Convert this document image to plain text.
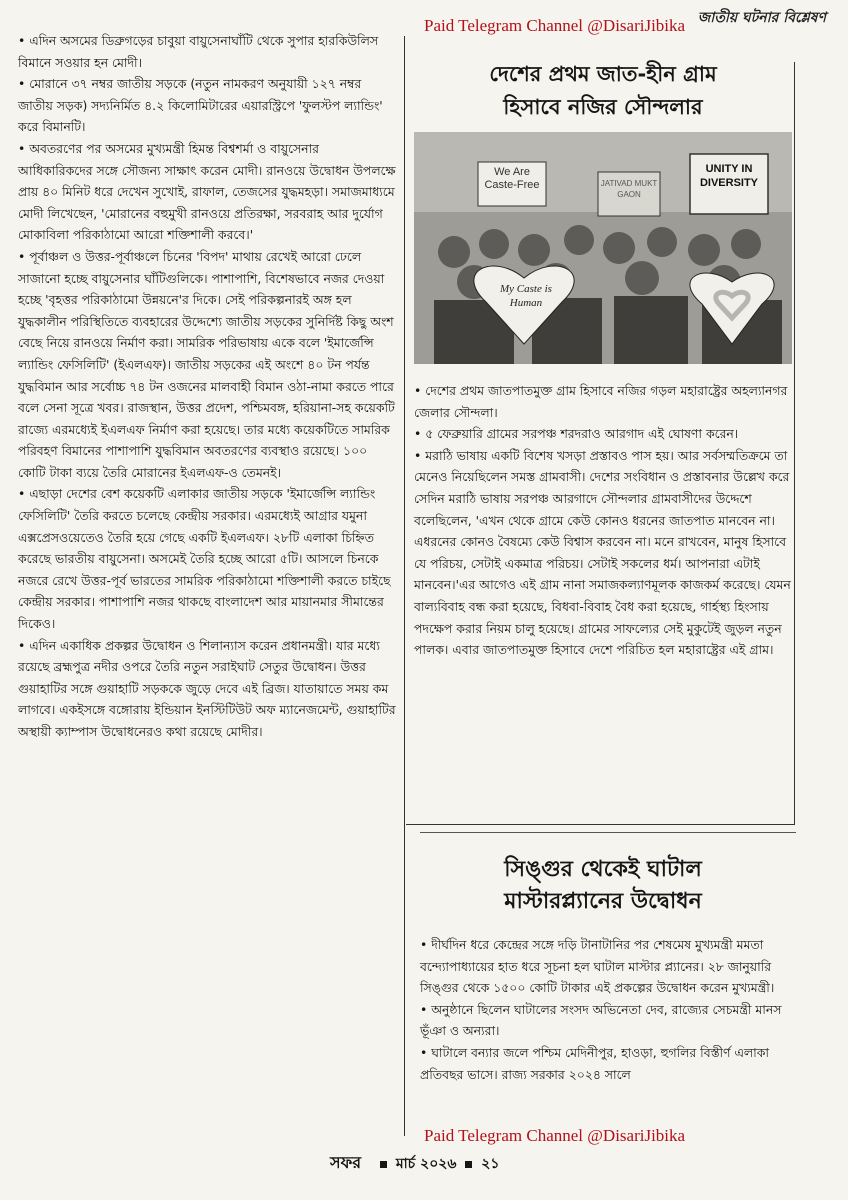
জাতীয় ঘটনার বিশ্লেষণ
Paid Telegram Channel @DisariJibika

• এদিন অসমের ডিব্রুগড়ের চাবুয়া বায়ুসেনাঘাঁটি থেকে সুপার হারকিউলিস বিমানে সওয়ার হন মোদী।

• মোরানে ৩৭ নম্বর জাতীয় সড়কে (নতুন নামকরণ অনুযায়ী ১২৭ নম্বর জাতীয় সড়ক) সদ্যনির্মিত ৪.২ কিলোমিটারের এয়ারস্ট্রিপে 'ফুলস্টপ ল্যান্ডিং' করে বিমানটি।

• অবতরণের পর অসমের মুখ্যমন্ত্রী হিমন্ত বিশ্বশর্মা ও বায়ুসেনার আধিকারিকদের সঙ্গে সৌজন্য সাক্ষাৎ করেন মোদী। রানওয়ে উদ্বোধন উপলক্ষে প্রায় ৪০ মিনিট ধরে দেখেন সুখোই, রাফাল, তেজসের যুদ্ধমহড়া। সমাজমাধ্যমে মোদী লিখেছেন, 'মোরানের বহুমুখী রানওয়ে প্রতিরক্ষা, সরবরাহ আর দুর্যোগ মোকাবিলা পরিকাঠামো আরো শক্তিশালী করবে।'

• পূর্বাঞ্চল ও উত্তর-পূর্বাঞ্চলে চিনের 'বিপদ' মাথায় রেখেই আরো ঢেলে সাজানো হচ্ছে বায়ুসেনার ঘাঁটিগুলিকে। পাশাপাশি, বিশেষভাবে নজর দেওয়া হচ্ছে 'বৃহত্তর পরিকাঠামো উন্নয়নে'র দিকে। সেই পরিকল্পনারই অঙ্গ হল যুদ্ধকালীন পরিস্থিতিতে ব্যবহারের উদ্দেশ্যে জাতীয় সড়কের সুনির্দিষ্ট কিছু অংশ বেছে নিয়ে রানওয়ে নির্মাণ করা। সামরিক পরিভাষায় একে বলে 'ইমার্জেন্সি ল্যান্ডিং ফেসিলিটি' (ইএলএফ)। জাতীয় সড়কের এই অংশে ৪০ টন পর্যন্ত যুদ্ধবিমান আর সর্বোচ্চ ৭৪ টন ওজনের মালবাহী বিমান ওঠা-নামা করতে পারে বলে সেনা সূত্রে খবর। রাজস্থান, উত্তর প্রদেশ, পশ্চিমবঙ্গ, হরিয়ানা-সহ কয়েকটি রাজ্যে এরমধ্যেই ইএলএফ নির্মাণ করা হয়েছে। তার মধ্যে কয়েকটিতে সামরিক পরিবহণ বিমানের পাশাপাশি যুদ্ধবিমান অবতরণের ব্যবস্থাও রয়েছে। ১০০ কোটি টাকা ব্যয়ে তৈরি মোরানের ইএলএফ-ও তেমনই।

• এছাড়া দেশের বেশ কয়েকটি এলাকার জাতীয় সড়কে 'ইমার্জেন্সি ল্যান্ডিং ফেসিলিটি' তৈরি করতে চলেছে কেন্দ্রীয় সরকার। এরমধ্যেই আগ্রার যমুনা এক্সপ্রেসওয়েতেও তৈরি হয়ে গেছে একটি ইএলএফ। ২৮টি এলাকা চিহ্নিত করেছে ভারতীয় বায়ুসেনা। অসমেই তৈরি হচ্ছে আরো ৫টি। আসলে চিনকে নজরে রেখে উত্তর-পূর্ব ভারতের সামরিক পরিকাঠামো শক্তিশালী করতে চাইছে কেন্দ্রীয় সরকার। পাশাপাশি নজর থাকছে বাংলাদেশ আর মায়ানমার সীমান্তের দিকেও।

• এদিন একাধিক প্রকল্পর উদ্বোধন ও শিলান্যাস করেন প্রধানমন্ত্রী। যার মধ্যে রয়েছে ব্রহ্মপুত্র নদীর ওপরে তৈরি নতুন সরাইঘাট সেতুর উদ্বোধন। উত্তর গুয়াহাটির সঙ্গে গুয়াহাটি সড়ককে জুড়ে দেবে এই ব্রিজ। যাতায়াতে সময় কম লাগবে। একইসঙ্গে বঙ্গোরায় ইন্ডিয়ান ইনস্টিটিউট অফ ম্যানেজমেন্ট, গুয়াহাটির অস্থায়ী ক্যাম্পাস উদ্বোধনেরও কথা রয়েছে মোদীর।

দেশের প্রথম জাত-হীন গ্রাম
হিসাবে নজির সৌন্দলার
We Are Caste-Free	JATIVAD MUKT GAON
UNITY IN DIVERSITY
My Caste is Human

• দেশের প্রথম জাতপাতমুক্ত গ্রাম হিসাবে নজির গড়ল মহারাষ্ট্রের অহল্যানগর জেলার সৌন্দলা।

• ৫ ফেব্রুয়ারি গ্রামের সরপঞ্চ শরদরাও আরগাদ এই ঘোষণা করেন।

• মরাঠি ভাষায় একটি বিশেষ খসড়া প্রস্তাবও পাস হয়। আর সর্বসম্মতিক্রমে তা মেনেও নিয়েছিলেন সমস্ত গ্রামবাসী। দেশের সংবিধান ও প্রস্তাবনার উল্লেখ করে সেদিন মরাঠি ভাষায় সরপঞ্চ আরগাদে সৌন্দলার গ্রামবাসীদের উদ্দেশে বলেছিলেন, 'এখন থেকে গ্রামে কেউ কোনও ধরনের জাতপাত মানবেন না। এধরনের কোনও বৈষম্যে কেউ বিশ্বাস করবেন না। মনে রাখবেন, মানুষ হিসাবে যে পরিচয়, সেটাই একমাত্র পরিচয়। সেটাই সকলের ধর্ম। আপনারা এটাই মানবেন।'এর আগেও এই গ্রাম নানা সমাজকল্যাণমূলক কাজকর্ম করেছে। যেমন বাল্যবিবাহ বন্ধ করা হয়েছে, বিধবা-বিবাহ বৈধ করা হয়েছে, গার্হস্থ্য হিংসায় পদক্ষেপ করার নিয়ম চালু হয়েছে। গ্রামের সাফল্যের সেই মুকুটেই জুড়ল নতুন পালক। এবার জাতপাতমুক্ত হিসাবে দেশে পরিচিত হল মহারাষ্ট্রের এই গ্রাম।

সিঙ্গুর থেকেই ঘাটাল
মাস্টারপ্ল্যানের উদ্বোধন

• দীর্ঘদিন ধরে কেন্দ্রের সঙ্গে দড়ি টানাটানির পর শেষমেষ মুখ্যমন্ত্রী মমতা বন্দ্যোপাধ্যায়ের হাত ধরে সূচনা হল ঘাটাল মাস্টার প্ল্যানের। ২৮ জানুয়ারি সিঙ্গুর থেকে ১৫০০ কোটি টাকার এই প্রকল্পের উদ্বোধন করেন মুখ্যমন্ত্রী।

• অনুষ্ঠানে ছিলেন ঘাটালের সংসদ অভিনেতা দেব, রাজ্যের সেচমন্ত্রী মানস ভূঁঞা ও অন্যরা।

• ঘাটালে বন্যার জলে পশ্চিম মেদিনীপুর, হাওড়া, হুগলির বিস্তীর্ণ এলাকা প্রতিবছর ভাসে। রাজ্য সরকার ২০২৪ সালে

Paid Telegram Channel @DisariJibika
সফর মার্চ ২০২৬ ২১
